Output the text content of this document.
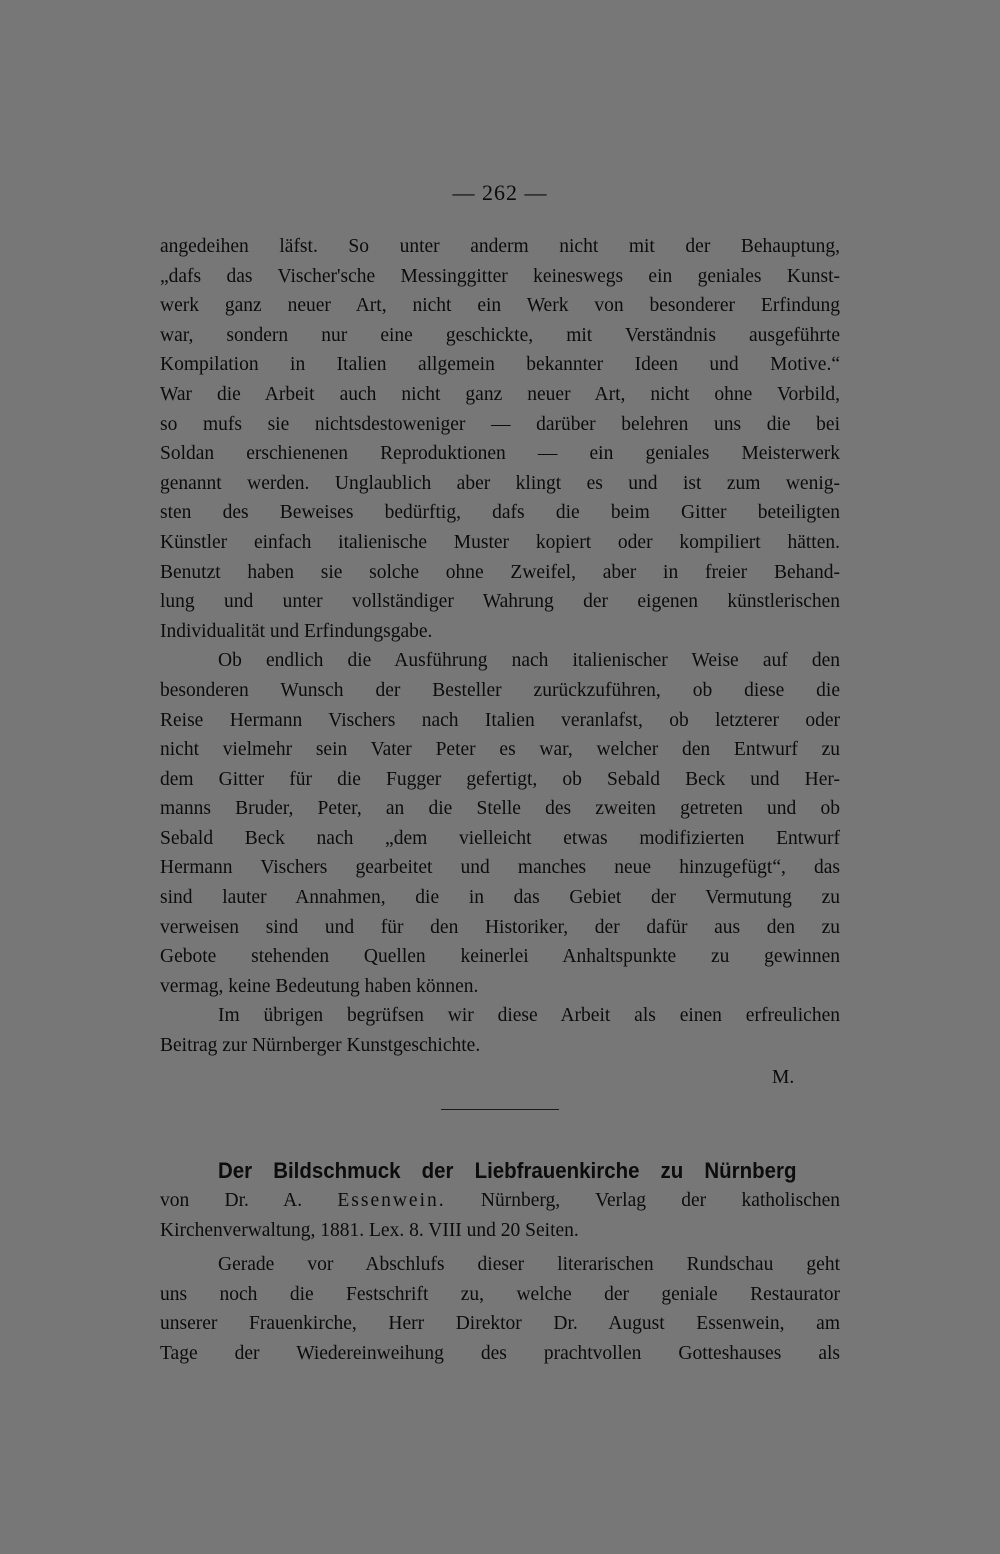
— 262 —
angedeihen läfst. So unter anderm nicht mit der Behauptung,
„dafs das Vischer'sche Messinggitter keineswegs ein geniales Kunst-
werk ganz neuer Art, nicht ein Werk von besonderer Erfindung
war, sondern nur eine geschickte, mit Verständnis ausgeführte
Kompilation in Italien allgemein bekannter Ideen und Motive.“
War die Arbeit auch nicht ganz neuer Art, nicht ohne Vorbild,
so mufs sie nichtsdestoweniger — darüber belehren uns die bei
Soldan erschienenen Reproduktionen — ein geniales Meisterwerk
genannt werden. Unglaublich aber klingt es und ist zum wenig-
sten des Beweises bedürftig, dafs die beim Gitter beteiligten
Künstler einfach italienische Muster kopiert oder kompiliert hätten.
Benutzt haben sie solche ohne Zweifel, aber in freier Behand-
lung und unter vollständiger Wahrung der eigenen künstlerischen
Individualität und Erfindungsgabe.
Ob endlich die Ausführung nach italienischer Weise auf den
besonderen Wunsch der Besteller zurückzuführen, ob diese die
Reise Hermann Vischers nach Italien veranlafst, ob letzterer oder
nicht vielmehr sein Vater Peter es war, welcher den Entwurf zu
dem Gitter für die Fugger gefertigt, ob Sebald Beck und Her-
manns Bruder, Peter, an die Stelle des zweiten getreten und ob
Sebald Beck nach „dem vielleicht etwas modifizierten Entwurf
Hermann Vischers gearbeitet und manches neue hinzugefügt“, das
sind lauter Annahmen, die in das Gebiet der Vermutung zu
verweisen sind und für den Historiker, der dafür aus den zu
Gebote stehenden Quellen keinerlei Anhaltspunkte zu gewinnen
vermag, keine Bedeutung haben können.
Im übrigen begrüfsen wir diese Arbeit als einen erfreulichen
Beitrag zur Nürnberger Kunstgeschichte.
M.
Der Bildschmuck der Liebfrauenkirche zu Nürnberg
von Dr. A. Essenwein. Nürnberg, Verlag der katholischen
Kirchenverwaltung, 1881. Lex. 8. VIII und 20 Seiten.
Gerade vor Abschlufs dieser literarischen Rundschau geht
uns noch die Festschrift zu, welche der geniale Restaurator
unserer Frauenkirche, Herr Direktor Dr. August Essenwein, am
Tage der Wiedereinweihung des prachtvollen Gotteshauses als
